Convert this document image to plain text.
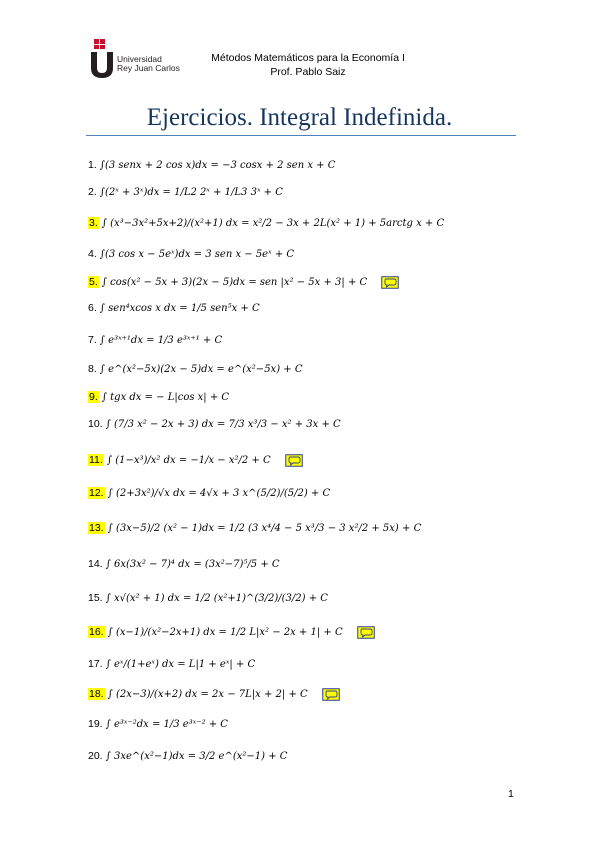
Universidad
Rey Juan Carlos
Métodos Matemáticos para la Economía I
Prof. Pablo Saiz
Ejercicios. Integral Indefinida.
1. ∫(3 senx + 2 cos x)dx = −3 cosx + 2 sen x + C
2. ∫(2ˣ + 3ˣ)dx = 1/L2 2ˣ + 1/L3 3ˣ + C
3. ∫ (x³−3x²+5x+2)/(x²+1) dx = x²/2 − 3x + 2L(x² + 1) + 5arctg x + C
4. ∫(3 cos x − 5eˣ)dx = 3 sen x − 5eˣ + C
5. ∫ cos(x² − 5x + 3)(2x − 5)dx = sen |x² − 5x + 3| + C
6. ∫ sen⁴xcos x dx = 1/5 sen⁵x + C
7. ∫ e³ˣ⁺¹dx = 1/3 e³ˣ⁺¹ + C
8. ∫ e^(x²−5x)(2x − 5)dx = e^(x²−5x) + C
9. ∫ tgx dx = − L|cos x| + C
10. ∫ (7/3 x² − 2x + 3) dx = 7/3 x³/3 − x² + 3x + C
11. ∫ (1−x³)/x² dx = −1/x − x²/2 + C
12. ∫ (2+3x²)/√x dx = 4√x + 3 x^(5/2)/(5/2) + C
13. ∫ (3x−5)/2 (x² − 1)dx = 1/2 (3 x⁴/4 − 5 x³/3 − 3 x²/2 + 5x) + C
14. ∫ 6x(3x² − 7)⁴ dx = (3x²−7)⁵/5 + C
15. ∫ x√(x² + 1) dx = 1/2 (x²+1)^(3/2)/(3/2) + C
16. ∫ (x−1)/(x²−2x+1) dx = 1/2 L|x² − 2x + 1| + C
17. ∫ eˣ/(1+eˣ) dx = L|1 + eˣ| + C
18. ∫ (2x−3)/(x+2) dx = 2x − 7L|x + 2| + C
19. ∫ e³ˣ⁻²dx = 1/3 e³ˣ⁻² + C
20. ∫ 3xe^(x²−1)dx = 3/2 e^(x²−1) + C
1
